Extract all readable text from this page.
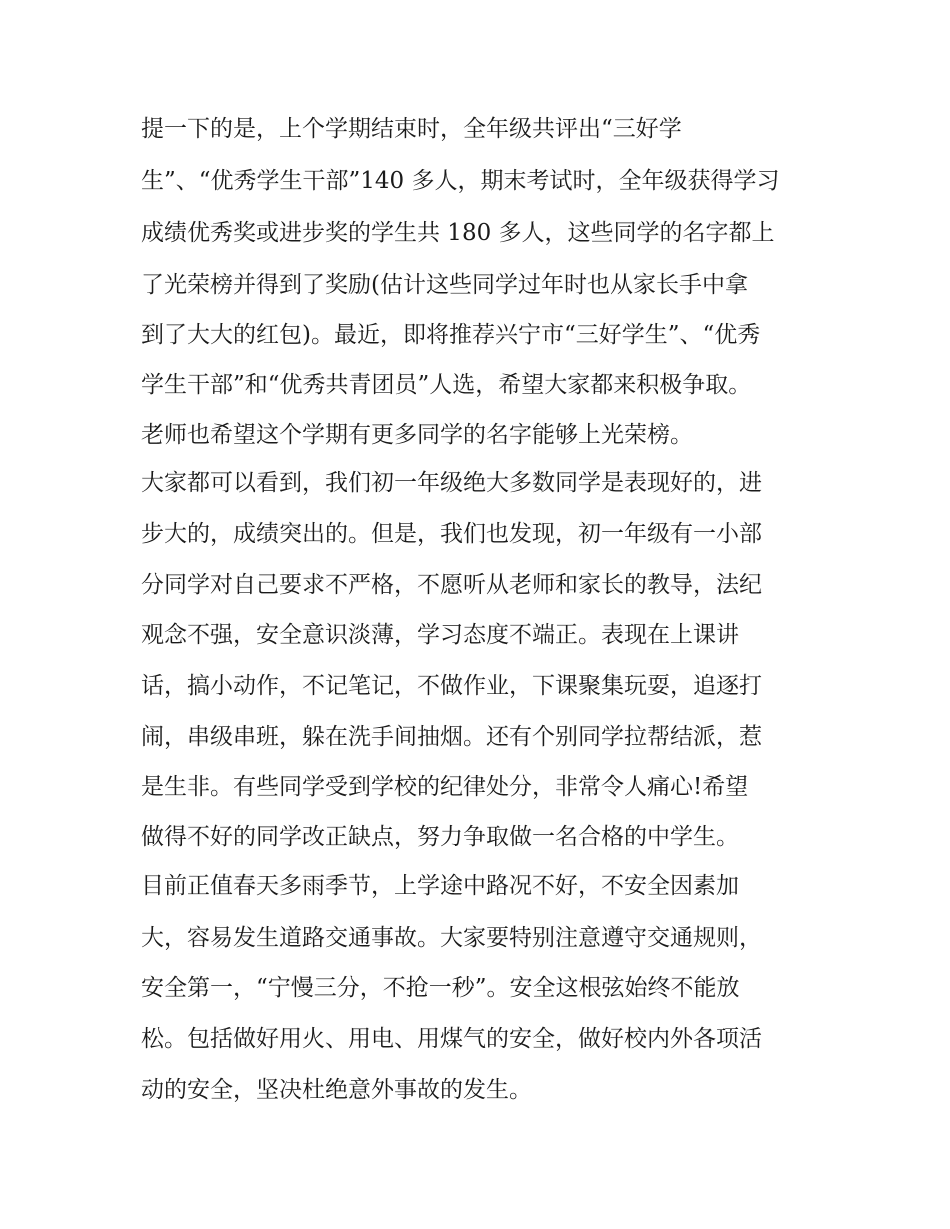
提一下的是，上个学期结束时，全年级共评出“三好学

生”、“优秀学生干部”140 多人，期末考试时，全年级获得学习

成绩优秀奖或进步奖的学生共 180 多人，这些同学的名字都上

了光荣榜并得到了奖励(估计这些同学过年时也从家长手中拿

到了大大的红包)。最近，即将推荐兴宁市“三好学生”、“优秀

学生干部”和“优秀共青团员”人选，希望大家都来积极争取。

老师也希望这个学期有更多同学的名字能够上光荣榜。

大家都可以看到，我们初一年级绝大多数同学是表现好的，进

步大的，成绩突出的。但是，我们也发现，初一年级有一小部

分同学对自己要求不严格，不愿听从老师和家长的教导，法纪

观念不强，安全意识淡薄，学习态度不端正。表现在上课讲

话，搞小动作，不记笔记，不做作业，下课聚集玩耍，追逐打

闹，串级串班，躲在洗手间抽烟。还有个别同学拉帮结派，惹

是生非。有些同学受到学校的纪律处分，非常令人痛心!希望

做得不好的同学改正缺点，努力争取做一名合格的中学生。

目前正值春天多雨季节，上学途中路况不好，不安全因素加

大，容易发生道路交通事故。大家要特别注意遵守交通规则，

安全第一，“宁慢三分，不抢一秒”。安全这根弦始终不能放

松。包括做好用火、用电、用煤气的安全，做好校内外各项活

动的安全，坚决杜绝意外事故的发生。
